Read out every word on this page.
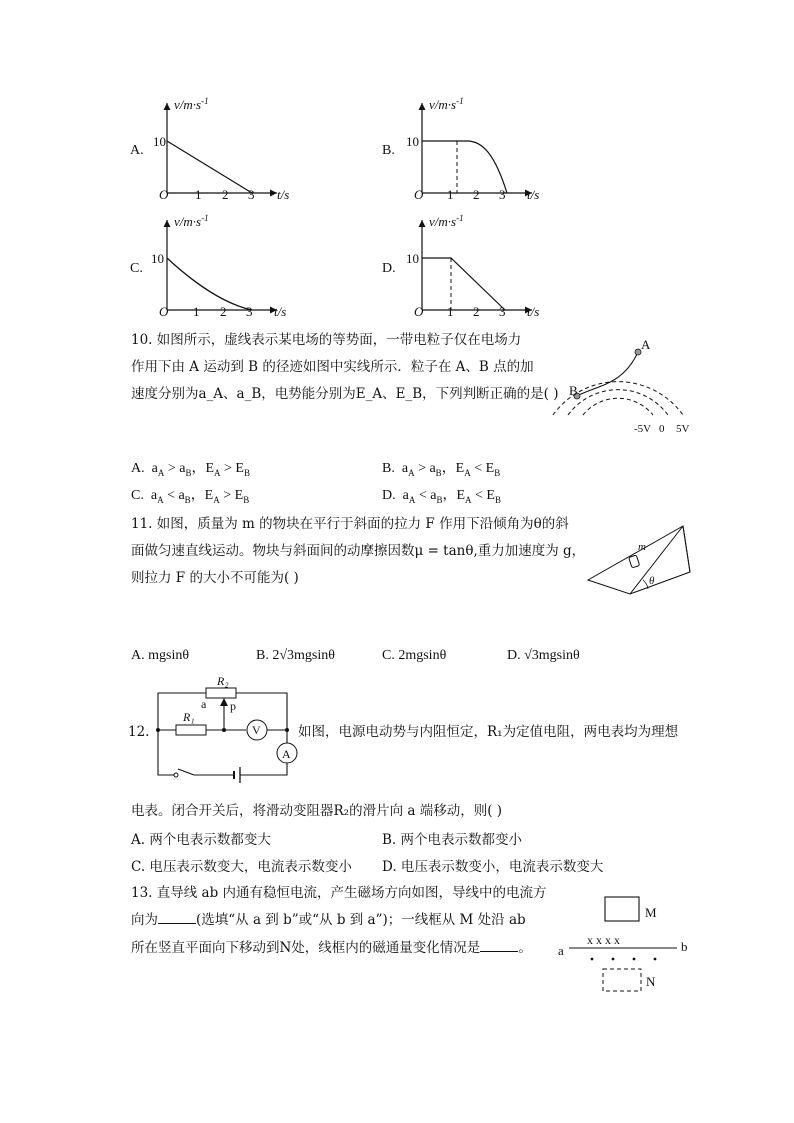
A.
$v/m\cdot s^{-1}$
10
O 1 2 3 t/s
B.
$v/m\cdot s^{-1}$
10
O 1 2 3 t/s
C.
$v/m\cdot s^{-1}$
10
O 1 2 3 t/s
D.
$v/m\cdot s^{-1}$
10
O 1 2 3 t/s
10. 如图所示，虚线表示某电场的等势面，一带电粒子仅在电场力
作用下由 A 运动到 B 的径迹如图中实线所示．粒子在 A、B 点的加
速度分别为a_A、a_B，电势能分别为E_A、E_B，下列判断正确的是( )
A
B
-5V 0 5V
A.  $a_A > a_B$，$E_A > E_B$	B.  $a_A > a_B$，$E_A < E_B$
C.  $a_A < a_B$，$E_A > E_B$	D.  $a_A < a_B$，$E_A < E_B$
11. 如图，质量为 m 的物块在平行于斜面的拉力 F 作用下沿倾角为θ的斜
面做匀速直线运动。物块与斜面间的动摩擦因数μ = tanθ,重力加速度为 g，
则拉力 F 的大小不可能为( )
m
θ
A. mgsinθ	B. 2√3mgsinθ	C. 2mgsinθ	D. √3mgsinθ
12.	如图，电源电动势与内阻恒定，R₁为定值电阻，两电表均为理想
R₂
R₁
a p
V
A
电表。闭合开关后，将滑动变阻器R₂的滑片向 a 端移动，则( )
A. 两个电表示数都变大	B. 两个电表示数都变小
C. 电压表示数变大，电流表示数变小 D. 电压表示数变小，电流表示数变大
13. 直导线 ab 内通有稳恒电流，产生磁场方向如图，导线中的电流方
向为	(选填“从 a 到 b”或“从 b 到 a”)；一线框从 M 处沿 ab
所在竖直平面向下移动到N处，线框内的磁通量变化情况是	。
M
a	b
x x x x
N
